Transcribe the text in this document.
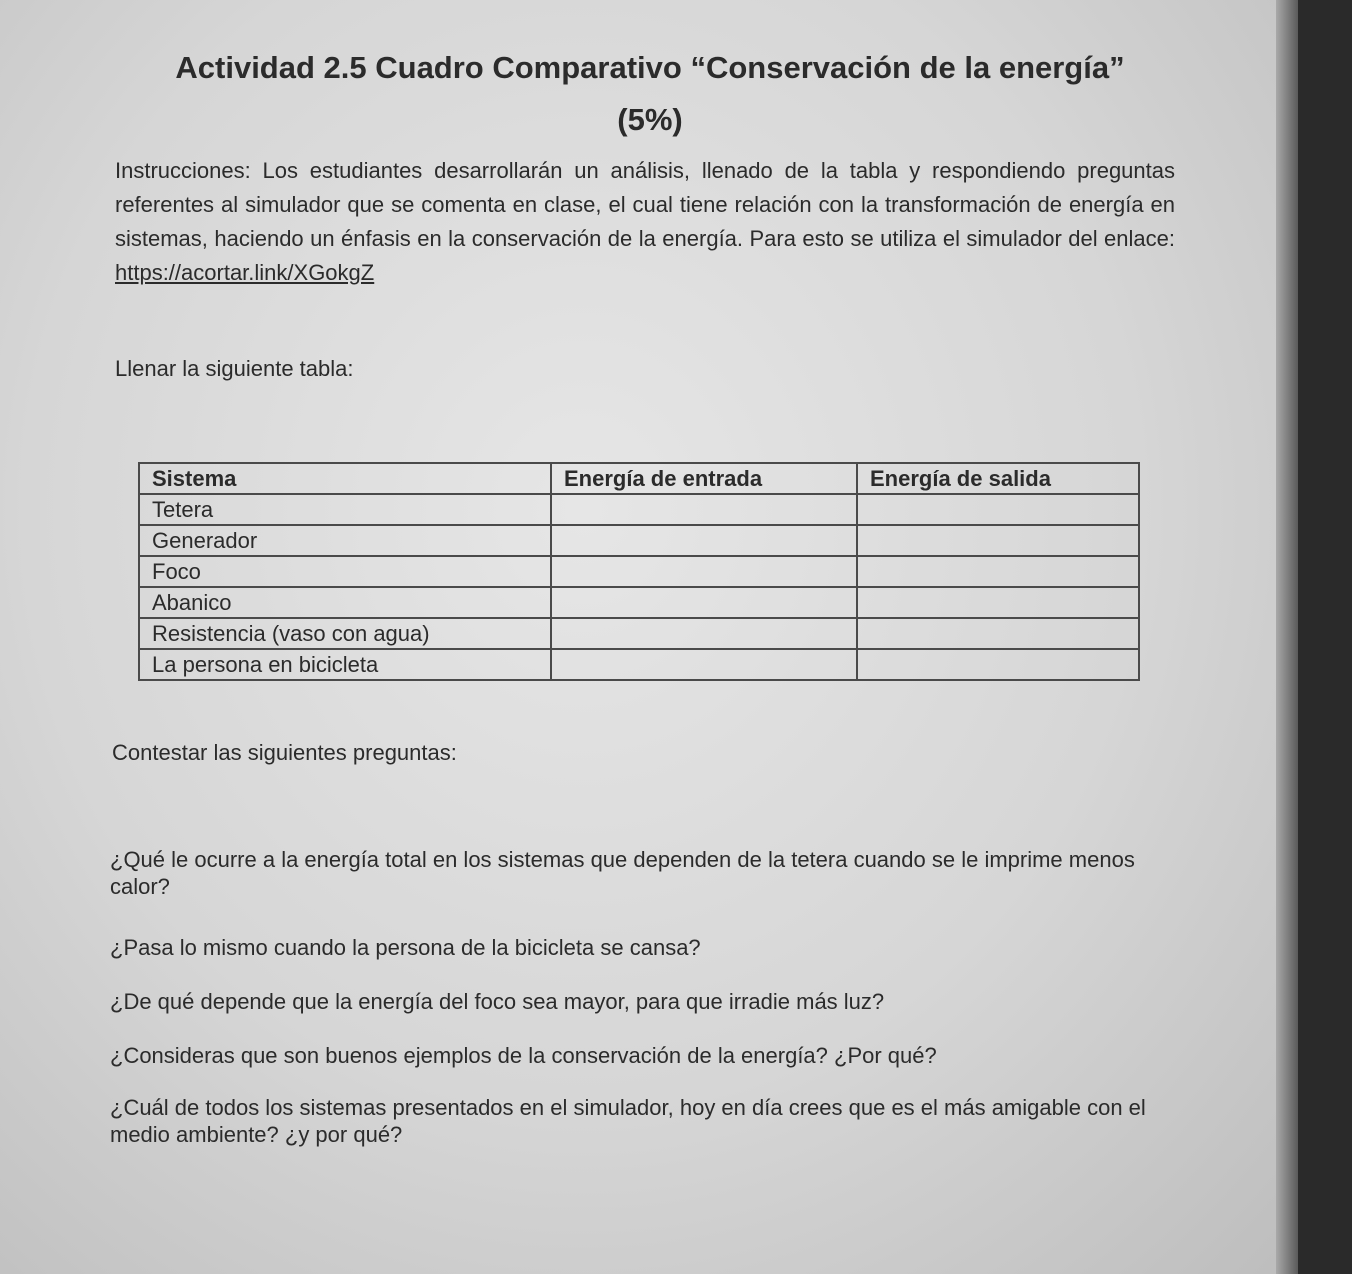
Actividad 2.5 Cuadro Comparativo “Conservación de la energía”
(5%)
Instrucciones: Los estudiantes desarrollarán un análisis, llenado de la tabla y respondiendo preguntas referentes al simulador que se comenta en clase, el cual tiene relación con la transformación de energía en sistemas, haciendo un énfasis en la conservación de la energía. Para esto se utiliza el simulador del enlace: https://acortar.link/XGokgZ
Llenar la siguiente tabla:
Sistema	Energía de entrada	Energía de salida
Tetera		
Generador		
Foco		
Abanico		
Resistencia (vaso con agua)		
La persona en bicicleta		
Contestar las siguientes preguntas:
¿Qué le ocurre a la energía total en los sistemas que dependen de la tetera cuando se le imprime menos calor?
¿Pasa lo mismo cuando la persona de la bicicleta se cansa?
¿De qué depende que la energía del foco sea mayor, para que irradie más luz?
¿Consideras que son buenos ejemplos de la conservación de la energía? ¿Por qué?
¿Cuál de todos los sistemas presentados en el simulador, hoy en día crees que es el más amigable con el medio ambiente? ¿y por qué?
